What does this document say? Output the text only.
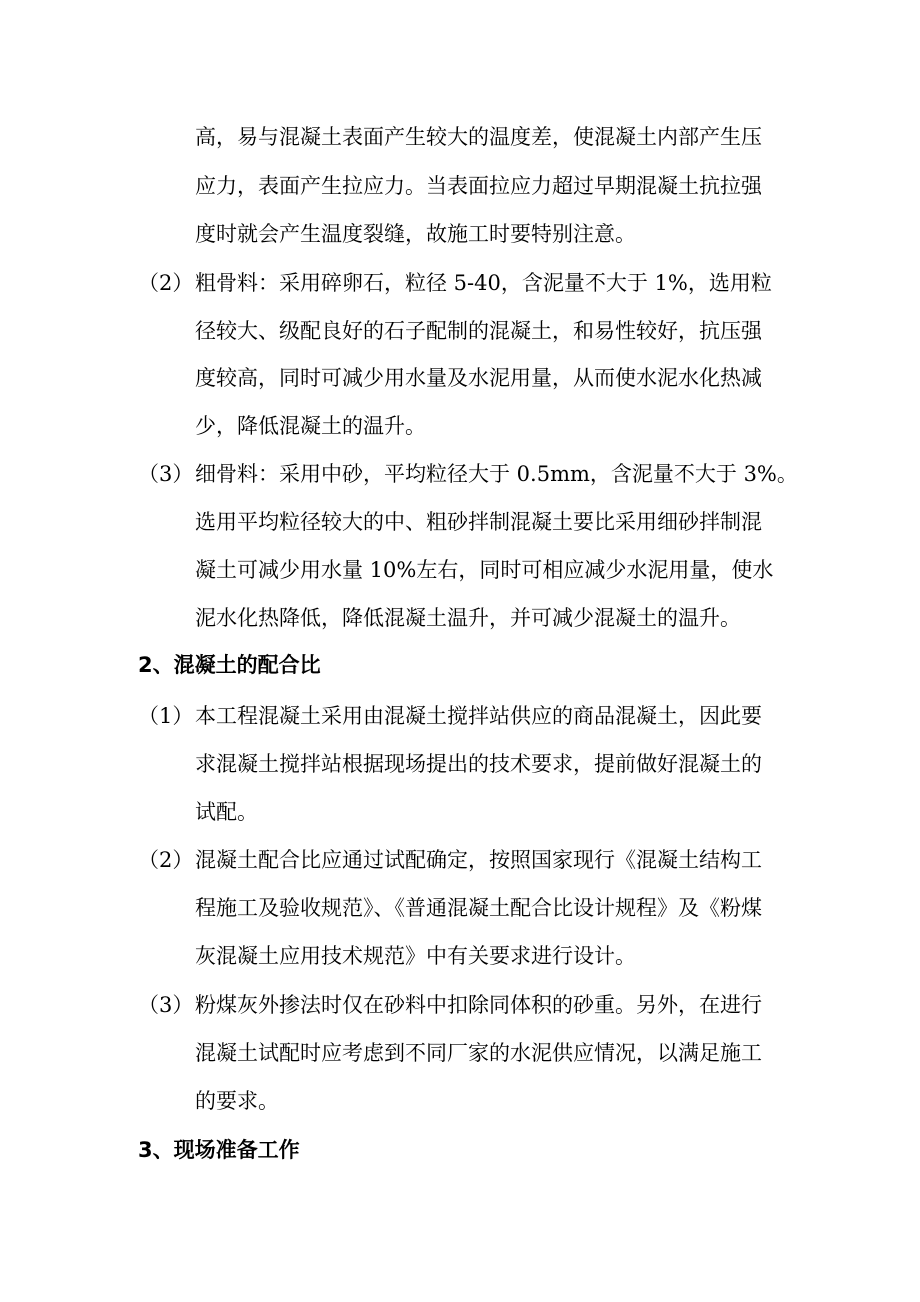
高，易与混凝土表面产生较大的温度差，使混凝土内部产生压
应力，表面产生拉应力。当表面拉应力超过早期混凝土抗拉强
度时就会产生温度裂缝，故施工时要特别注意。
（2）粗骨料：采用碎卵石，粒径 5-40，含泥量不大于 1%，选用粒
径较大、级配良好的石子配制的混凝土，和易性较好，抗压强
度较高，同时可减少用水量及水泥用量，从而使水泥水化热减
少，降低混凝土的温升。
（3）细骨料：采用中砂，平均粒径大于 0.5mm，含泥量不大于 3%。
选用平均粒径较大的中、粗砂拌制混凝土要比采用细砂拌制混
凝土可减少用水量 10%左右，同时可相应减少水泥用量，使水
泥水化热降低，降低混凝土温升，并可减少混凝土的温升。
2、混凝土的配合比
（1）本工程混凝土采用由混凝土搅拌站供应的商品混凝土，因此要
求混凝土搅拌站根据现场提出的技术要求，提前做好混凝土的
试配。
（2）混凝土配合比应通过试配确定，按照国家现行《混凝土结构工
程施工及验收规范》、《普通混凝土配合比设计规程》及《粉煤
灰混凝土应用技术规范》中有关要求进行设计。
（3）粉煤灰外掺法时仅在砂料中扣除同体积的砂重。另外，在进行
混凝土试配时应考虑到不同厂家的水泥供应情况，以满足施工
的要求。
3、现场准备工作
